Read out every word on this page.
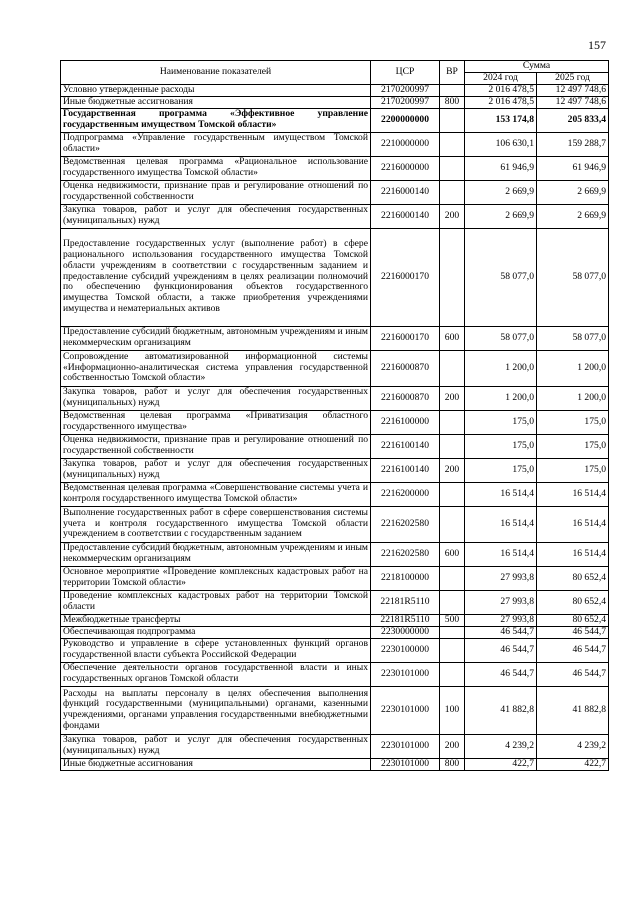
157
Наименование показателей	ЦСР	ВР	Сумма	
			2024 год	2025 год
Условно утвержденные расходы	2170200997		2 016 478,5	12 497 748,6
Иные бюджетные ассигнования	2170200997	800	2 016 478,5	12 497 748,6
Государственная программа «Эффективное управление государственным имуществом Томской области»	2200000000		153 174,8	205 833,4
Подпрограмма «Управление государственным имуществом Томской области»	2210000000		106 630,1	159 288,7
Ведомственная целевая программа «Рациональное использование государственного имущества Томской области»	2216000000		61 946,9	61 946,9
Оценка недвижимости, признание прав и регулирование отношений по государственной собственности	2216000140		2 669,9	2 669,9
Закупка товаров, работ и услуг для обеспечения государственных (муниципальных) нужд	2216000140	200	2 669,9	2 669,9
Предоставление государственных услуг (выполнение работ) в сфере рационального использования государственного имущества Томской области учреждениям в соответствии с государственным заданием и предоставление субсидий учреждениям в целях реализации полномочий по обеспечению функционирования объектов государственного имущества Томской области, а также приобретения учреждениями имущества и нематериальных активов	2216000170		58 077,0	58 077,0
Предоставление субсидий бюджетным, автономным учреждениям и иным некоммерческим организациям	2216000170	600	58 077,0	58 077,0
Сопровождение автоматизированной информационной системы «Информационно-аналитическая система управления государственной собственностью Томской области»	2216000870		1 200,0	1 200,0
Закупка товаров, работ и услуг для обеспечения государственных (муниципальных) нужд	2216000870	200	1 200,0	1 200,0
Ведомственная целевая программа «Приватизация областного государственного имущества»	2216100000		175,0	175,0
Оценка недвижимости, признание прав и регулирование отношений по государственной собственности	2216100140		175,0	175,0
Закупка товаров, работ и услуг для обеспечения государственных (муниципальных) нужд	2216100140	200	175,0	175,0
Ведомственная целевая программа «Совершенствование системы учета и контроля государственного имущества Томской области»	2216200000		16 514,4	16 514,4
Выполнение государственных работ в сфере совершенствования системы учета и контроля государственного имущества Томской области учреждением в соответствии с государственным заданием	2216202580		16 514,4	16 514,4
Предоставление субсидий бюджетным, автономным учреждениям и иным некоммерческим организациям	2216202580	600	16 514,4	16 514,4
Основное мероприятие «Проведение комплексных кадастровых работ на территории Томской области»	2218100000		27 993,8	80 652,4
Проведение комплексных кадастровых работ на территории Томской области	22181R5110		27 993,8	80 652,4
Межбюджетные трансферты	22181R5110	500	27 993,8	80 652,4
Обеспечивающая подпрограмма	2230000000		46 544,7	46 544,7
Руководство и управление в сфере установленных функций органов государственной власти субъекта Российской Федерации	2230100000		46 544,7	46 544,7
Обеспечение деятельности органов государственной власти и иных государственных органов Томской области	2230101000		46 544,7	46 544,7
Расходы на выплаты персоналу в целях обеспечения выполнения функций государственными (муниципальными) органами, казенными учреждениями, органами управления государственными внебюджетными фондами	2230101000	100	41 882,8	41 882,8
Закупка товаров, работ и услуг для обеспечения государственных (муниципальных) нужд	2230101000	200	4 239,2	4 239,2
Иные бюджетные ассигнования	2230101000	800	422,7	422,7
